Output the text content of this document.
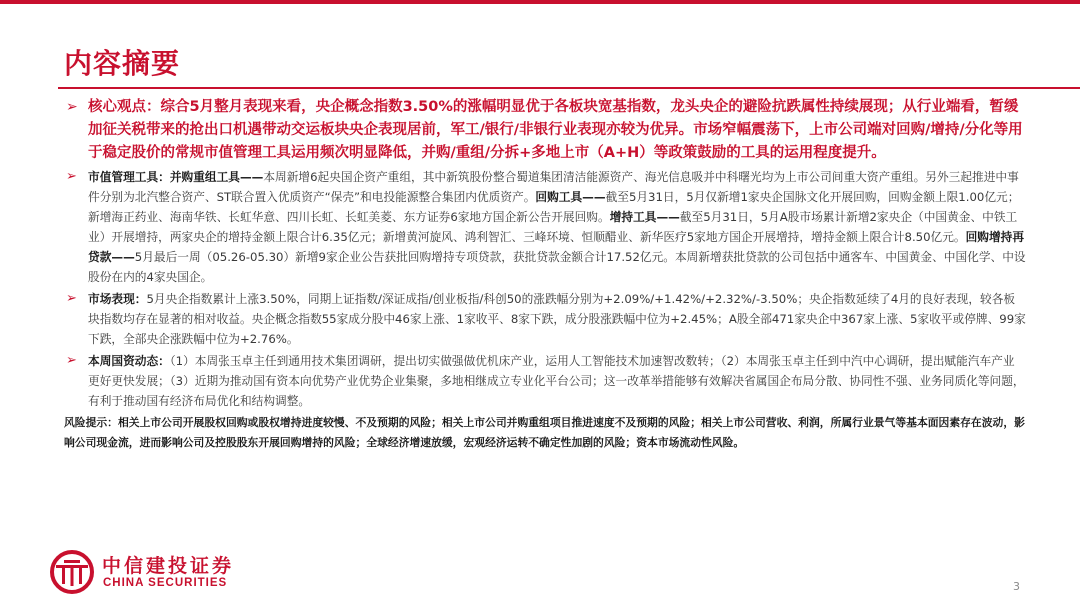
内容摘要
➢ 核心观点：综合5月整月表现来看，央企概念指数3.50%的涨幅明显优于各板块宽基指数，龙头央企的避险抗跌属性持续展现；从行业端看，暂缓加征关税带来的抢出口机遇带动交运板块央企表现居前，军工/银行/非银行业表现亦较为优异。市场窄幅震荡下，上市公司端对回购/增持/分化等用于稳定股价的常规市值管理工具运用频次明显降低，并购/重组/分拆+多地上市（A+H）等政策鼓励的工具的运用程度提升。
➢ 市值管理工具：并购重组工具——本周新增6起央国企资产重组，其中新筑股份整合蜀道集团清洁能源资产、海光信息吸并中科曙光均为上市公司间重大资产重组。另外三起推进中事件分别为北汽整合资产、ST联合置入优质资产“保壳”和电投能源整合集团内优质资产。回购工具——截至5月31日，5月仅新增1家央企国脉文化开展回购，回购金额上限1.00亿元；新增海正药业、海南华铁、长虹华意、四川长虹、长虹美菱、东方证券6家地方国企新公告开展回购。增持工具——截至5月31日，5月A股市场累计新增2家央企（中国黄金、中铁工业）开展增持，两家央企的增持金额上限合计6.35亿元；新增黄河旋风、鸿利智汇、三峰环境、恒顺醋业、新华医疗5家地方国企开展增持，增持金额上限合计8.50亿元。回购增持再贷款——5月最后一周（05.26-05.30）新增9家企业公告获批回购增持专项贷款，获批贷款金额合计17.52亿元。本周新增获批贷款的公司包括中通客车、中国黄金、中国化学、中设股份在内的4家央国企。
➢ 市场表现：5月央企指数累计上涨3.50%，同期上证指数/深证成指/创业板指/科创50的涨跌幅分别为+2.09%/+1.42%/+2.32%/-3.50%；央企指数延续了4月的良好表现，较各板块指数均存在显著的相对收益。央企概念指数55家成分股中46家上涨、1家收平、8家下跌，成分股涨跌幅中位为+2.45%；A股全部471家央企中367家上涨、5家收平或停牌、99家下跌，全部央企涨跌幅中位为+2.76%。
➢ 本周国资动态：（1）本周张玉卓主任到通用技术集团调研，提出切实做强做优机床产业，运用人工智能技术加速智改数转；（2）本周张玉卓主任到中汽中心调研，提出赋能汽车产业更好更快发展；（3）近期为推动国有资本向优势产业优势企业集聚，多地相继成立专业化平台公司；这一改革举措能够有效解决省属国企布局分散、协同性不强、业务同质化等问题，有利于推动国有经济布局优化和结构调整。
风险提示：相关上市公司开展股权回购或股权增持进度较慢、不及预期的风险；相关上市公司并购重组项目推进速度不及预期的风险；相关上市公司营收、利润，所属行业景气等基本面因素存在波动，影响公司现金流，进而影响公司及控股股东开展回购增持的风险；全球经济增速放缓，宏观经济运转不确定性加剧的风险；资本市场流动性风险。
中信建投证券
CHINA SECURITIES	3
